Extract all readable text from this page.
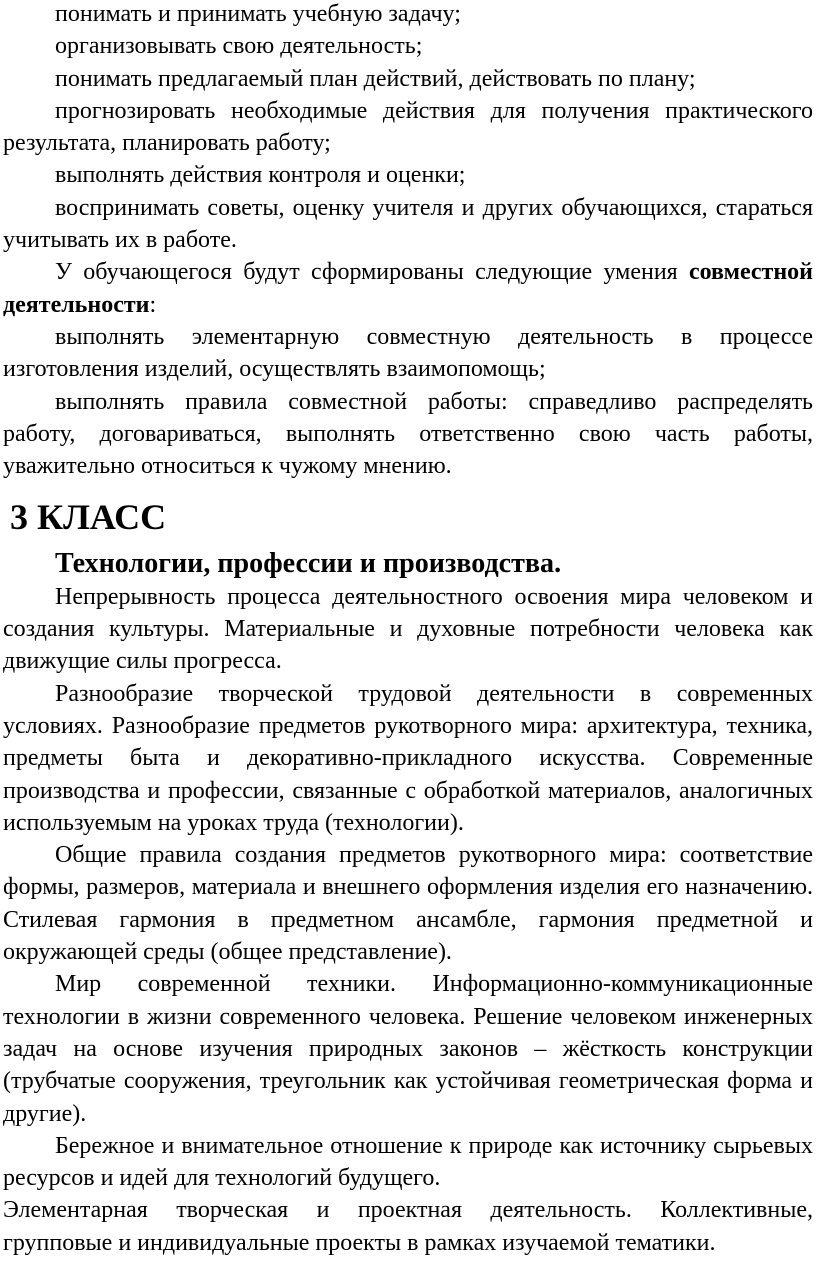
понимать и принимать учебную задачу;

организовывать свою деятельность;

понимать предлагаемый план действий, действовать по плану;

прогнозировать необходимые действия для получения практического результата, планировать работу;

выполнять действия контроля и оценки;

воспринимать советы, оценку учителя и других обучающихся, стараться учитывать их в работе.

У обучающегося будут сформированы следующие умения совместной деятельности:

выполнять элементарную совместную деятельность в процессе изготовления изделий, осуществлять взаимопомощь;

выполнять правила совместной работы: справедливо распределять работу, договариваться, выполнять ответственно свою часть работы, уважительно относиться к чужому мнению.

3 КЛАСС
Технологии, профессии и производства.

Непрерывность процесса деятельностного освоения мира человеком и создания культуры. Материальные и духовные потребности человека как движущие силы прогресса.

Разнообразие творческой трудовой деятельности в современных условиях. Разнообразие предметов рукотворного мира: архитектура, техника, предметы быта и декоративно-прикладного искусства. Современные производства и профессии, связанные с обработкой материалов, аналогичных используемым на уроках труда (технологии).

Общие правила создания предметов рукотворного мира: соответствие формы, размеров, материала и внешнего оформления изделия его назначению. Стилевая гармония в предметном ансамбле, гармония предметной и окружающей среды (общее представление).

Мир современной техники. Информационно-коммуникационные технологии в жизни современного человека. Решение человеком инженерных задач на основе изучения природных законов – жёсткость конструкции (трубчатые сооружения, треугольник как устойчивая геометрическая форма и другие).

Бережное и внимательное отношение к природе как источнику сырьевых ресурсов и идей для технологий будущего.

Элементарная творческая и проектная деятельность. Коллективные, групповые и индивидуальные проекты в рамках изучаемой тематики.
